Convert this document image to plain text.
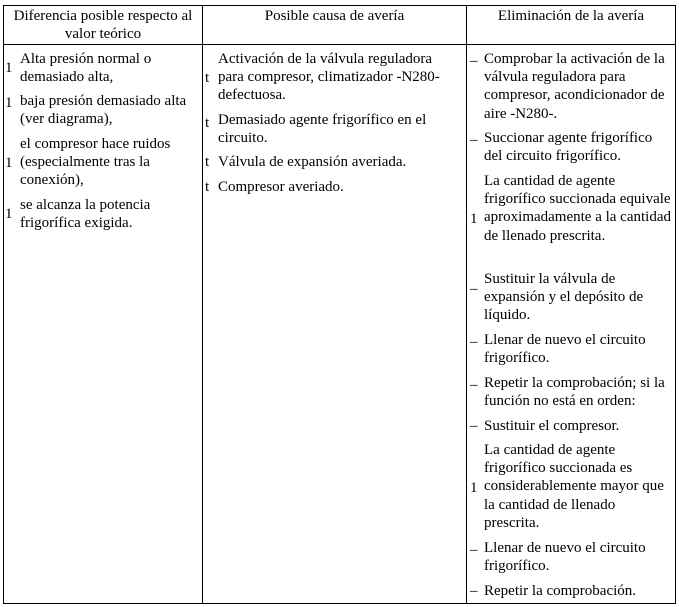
Diferencia posible respecto al valor teórico
Posible causa de avería	Eliminación de la avería
1
Alta presión normal o demasiado alta,
1 baja presión demasiado alta (ver diagrama),
1
el compresor hace ruidos (especialmente tras la conexión),
1
se alcanza la potencia frigorífica exigida.
t
Activación de la válvula reguladora para compresor, climatizador -N280- defectuosa.
t Demasiado agente frigorífico en el circuito.
t Válvula de expansión averiada.
t Compresor averiado.
– Comprobar la activación de la válvula reguladora para compresor, acondicionador de aire -N280-.
– Succionar agente frigorífico del circuito frigorífico.
1
La cantidad de agente frigorífico succionada equivale aproximadamente a la cantidad de llenado prescrita.
–
Sustituir la válvula de expansión y el depósito de líquido.
– Llenar de nuevo el circuito frigorífico.
– Repetir la comprobación; si la función no está en orden:
– Sustituir el compresor.
1
La cantidad de agente frigorífico succionada es considerablemente mayor que la cantidad de llenado prescrita.
– Llenar de nuevo el circuito frigorífico.
– Repetir la comprobación.
